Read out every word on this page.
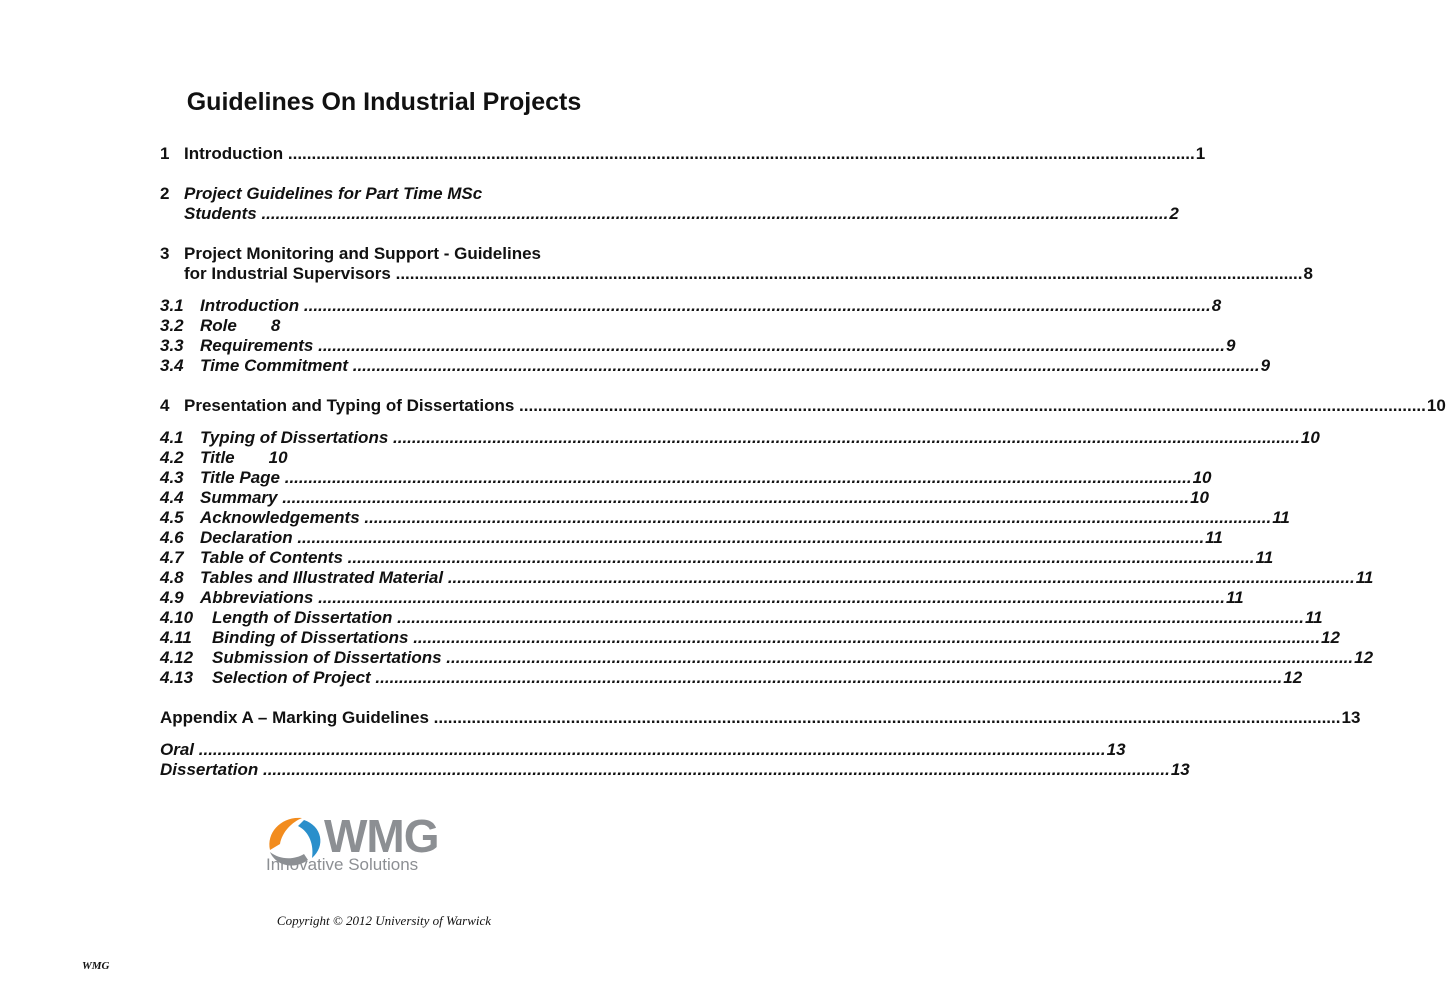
Guidelines On Industrial Projects
1 Introduction .....	1
2 Project Guidelines for Part Time MSc
Students .....	2
3 Project Monitoring and Support - Guidelines
for Industrial Supervisors .....	8
3.1 Introduction .....	8
3.2 Role 8
3.3 Requirements .....	9
3.4 Time Commitment .....	9
4 Presentation and Typing of Dissertations .....	10
4.1 Typing of Dissertations .....	10
4.2 Title 10
4.3 Title Page .....	10
4.4 Summary .....	10
4.5 Acknowledgements .....	11
4.6 Declaration .....	11
4.7 Table of Contents .....	11
4.8 Tables and Illustrated Material .....	11
4.9 Abbreviations .....	11
4.10 Length of Dissertation .....	11
4.11 Binding of Dissertations .....	12
4.12 Submission of Dissertations .....	12
4.13 Selection of Project .....	12
Appendix A – Marking Guidelines .....	13
Oral .....	13
Dissertation .....	13
WMG
Innovative Solutions
Copyright © 2012 University of Warwick
WMG
